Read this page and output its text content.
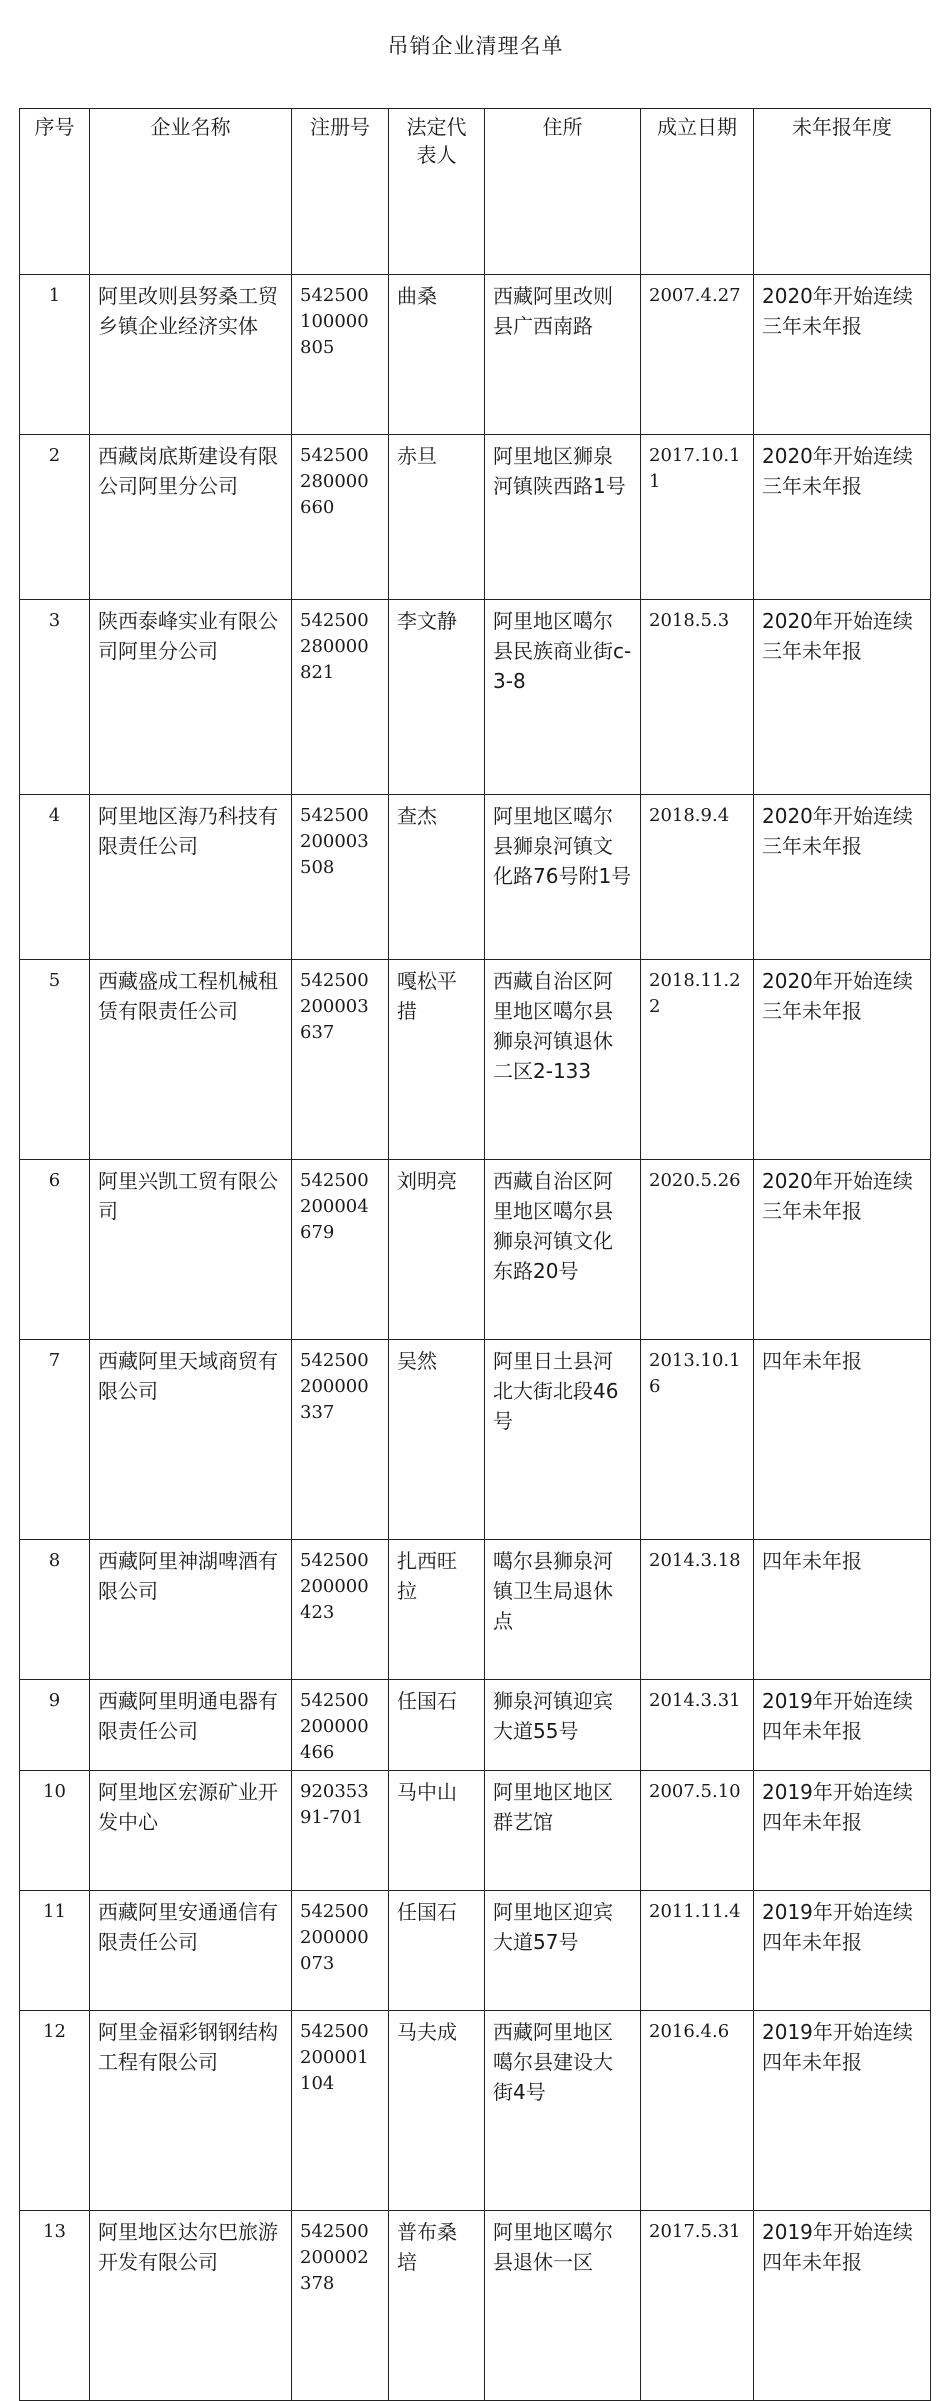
吊销企业清理名单
序号	企业名称	注册号	法定代表人	住所	成立日期	未年报年度
1	阿里改则县努桑工贸乡镇企业经济实体	542500100000805	曲桑	西藏阿里改则县广西南路	2007.4.27	2020年开始连续三年未年报
2	西藏岗底斯建设有限公司阿里分公司	542500280000660	赤旦	阿里地区狮泉河镇陕西路1号	2017.10.11	2020年开始连续三年未年报
3	陕西泰峰实业有限公司阿里分公司	542500280000821	李文静	阿里地区噶尔县民族商业街c-3-8	2018.5.3	2020年开始连续三年未年报
4	阿里地区海乃科技有限责任公司	542500200003508	查杰	阿里地区噶尔县狮泉河镇文化路76号附1号	2018.9.4	2020年开始连续三年未年报
5	西藏盛成工程机械租赁有限责任公司	542500200003637	嘎松平措	西藏自治区阿里地区噶尔县狮泉河镇退休二区2-133	2018.11.22	2020年开始连续三年未年报
6	阿里兴凯工贸有限公司	542500200004679	刘明亮	西藏自治区阿里地区噶尔县狮泉河镇文化东路20号	2020.5.26	2020年开始连续三年未年报
7	西藏阿里天域商贸有限公司	542500200000337	吴然	阿里日土县河北大街北段46号	2013.10.16	四年未年报
8	西藏阿里神湖啤酒有限公司	542500200000423	扎西旺拉	噶尔县狮泉河镇卫生局退休点	2014.3.18	四年未年报
9	西藏阿里明通电器有限责任公司	542500200000466	任国石	狮泉河镇迎宾大道55号	2014.3.31	2019年开始连续四年未年报
10	阿里地区宏源矿业开发中心	92035391-701	马中山	阿里地区地区群艺馆	2007.5.10	2019年开始连续四年未年报
11	西藏阿里安通通信有限责任公司	542500200000073	任国石	阿里地区迎宾大道57号	2011.11.4	2019年开始连续四年未年报
12	阿里金福彩钢钢结构工程有限公司	542500200001104	马夫成	西藏阿里地区噶尔县建设大街4号	2016.4.6	2019年开始连续四年未年报
13	阿里地区达尔巴旅游开发有限公司	542500200002378	普布桑培	阿里地区噶尔县退休一区	2017.5.31	2019年开始连续四年未年报
